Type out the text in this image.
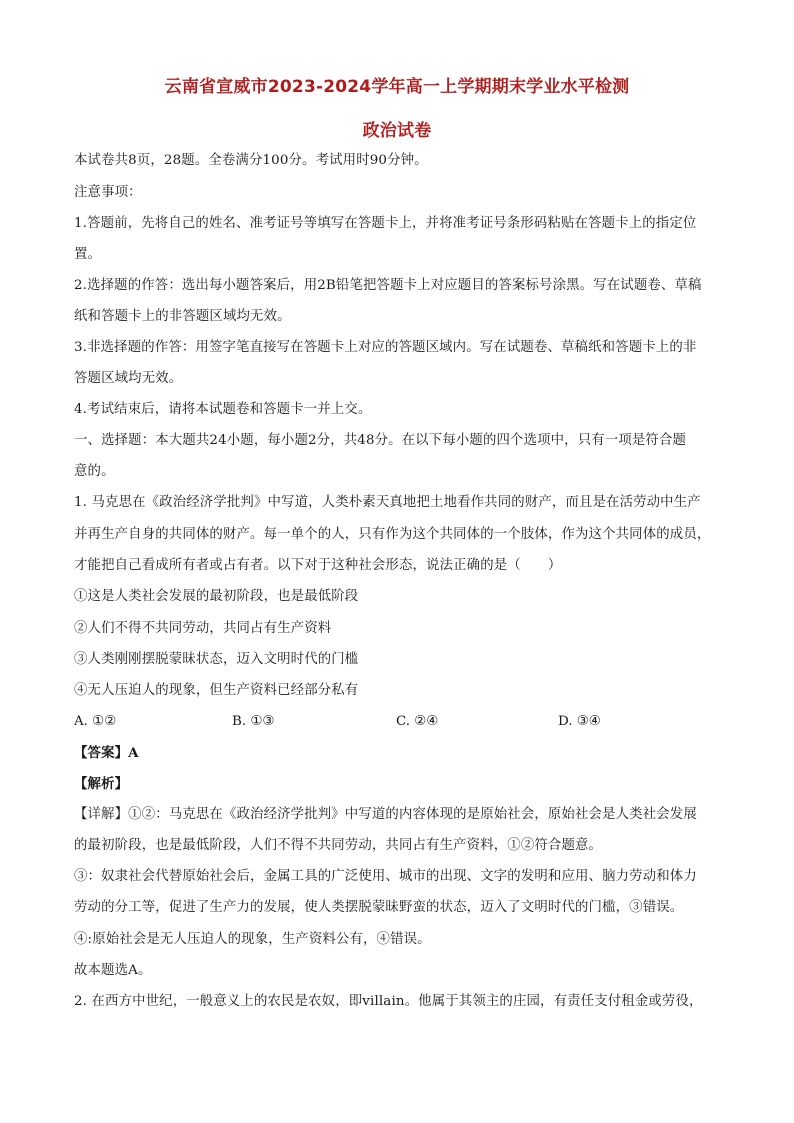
云南省宣威市2023-2024学年高一上学期期末学业水平检测
政治试卷
本试卷共8页，28题。全卷满分100分。考试用时90分钟。
注意事项：
1.答题前，先将自己的姓名、准考证号等填写在答题卡上，并将准考证号条形码粘贴在答题卡上的指定位
置。
2.选择题的作答：选出每小题答案后，用2B铅笔把答题卡上对应题目的答案标号涂黑。写在试题卷、草稿
纸和答题卡上的非答题区域均无效。
3.非选择题的作答：用签字笔直接写在答题卡上对应的答题区域内。写在试题卷、草稿纸和答题卡上的非
答题区域均无效。
4.考试结束后，请将本试题卷和答题卡一并上交。
一、选择题：本大题共24小题，每小题2分，共48分。在以下每小题的四个选项中，只有一项是符合题
意的。
1. 马克思在《政治经济学批判》中写道，人类朴素天真地把土地看作共同的财产，而且是在活劳动中生产
并再生产自身的共同体的财产。每一单个的人，只有作为这个共同体的一个肢体，作为这个共同体的成员，
才能把自己看成所有者或占有者。以下对于这种社会形态，说法正确的是（　　）
①这是人类社会发展的最初阶段，也是最低阶段
②人们不得不共同劳动，共同占有生产资料
③人类刚刚摆脱蒙昧状态，迈入文明时代的门槛
④无人压迫人的现象，但生产资料已经部分私有
A. ①②	B. ①③	C. ②④	D. ③④
【答案】A
【解析】
【详解】①②：马克思在《政治经济学批判》中写道的内容体现的是原始社会，原始社会是人类社会发展
的最初阶段，也是最低阶段，人们不得不共同劳动，共同占有生产资料，①②符合题意。
③：奴隶社会代替原始社会后，金属工具的广泛使用、城市的出现、文字的发明和应用、脑力劳动和体力
劳动的分工等，促进了生产力的发展，使人类摆脱蒙昧野蛮的状态，迈入了文明时代的门槛，③错误。
④:原始社会是无人压迫人的现象，生产资料公有，④错误。
故本题选A。
2. 在西方中世纪，一般意义上的农民是农奴，即villain。他属于其领主的庄园，有责任支付租金或劳役，
